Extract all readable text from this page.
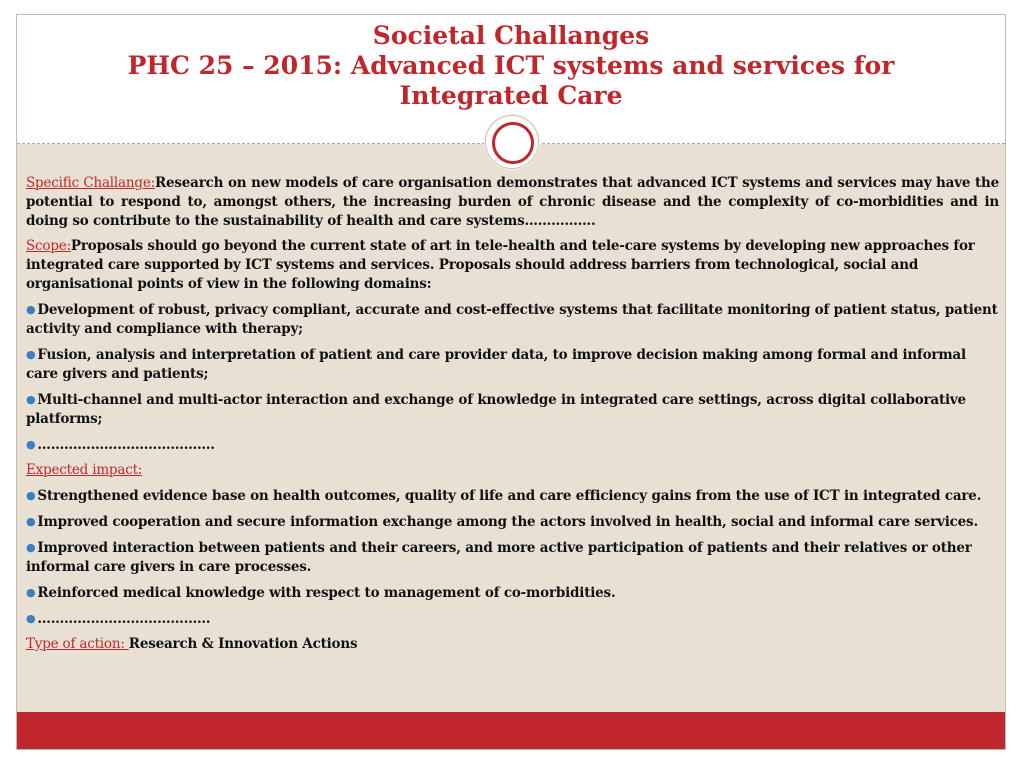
Societal Challanges
PHC 25 – 2015: Advanced ICT systems and services for
Integrated Care

Specific Challange:Research on new models of care organisation demonstrates that advanced ICT systems and services may have the potential to respond to, amongst others, the increasing burden of chronic disease and the complexity of co-morbidities and in doing so contribute to the sustainability of health and care systems…………….

Scope:Proposals should go beyond the current state of art in tele-health and tele-care systems by developing new approaches for integrated care supported by ICT systems and services. Proposals should address barriers from technological, social and organisational points of view in the following domains:

● Development of robust, privacy compliant, accurate and cost-effective systems that facilitate monitoring of patient status, patient activity and compliance with therapy;

● Fusion, analysis and interpretation of patient and care provider data, to improve decision making among formal and informal care givers and patients;

● Multi-channel and multi-actor interaction and exchange of knowledge in integrated care settings, across digital collaborative platforms;

● ………………………………….

Expected impact:

● Strengthened evidence base on health outcomes, quality of life and care efficiency gains from the use of ICT in integrated care.

● Improved cooperation and secure information exchange among the actors involved in health, social and informal care services.

● Improved interaction between patients and their careers, and more active participation of patients and their relatives or other informal care givers in care processes.

● Reinforced medical knowledge with respect to management of co-morbidities.

● …………………………………

Type of action: Research & Innovation Actions
